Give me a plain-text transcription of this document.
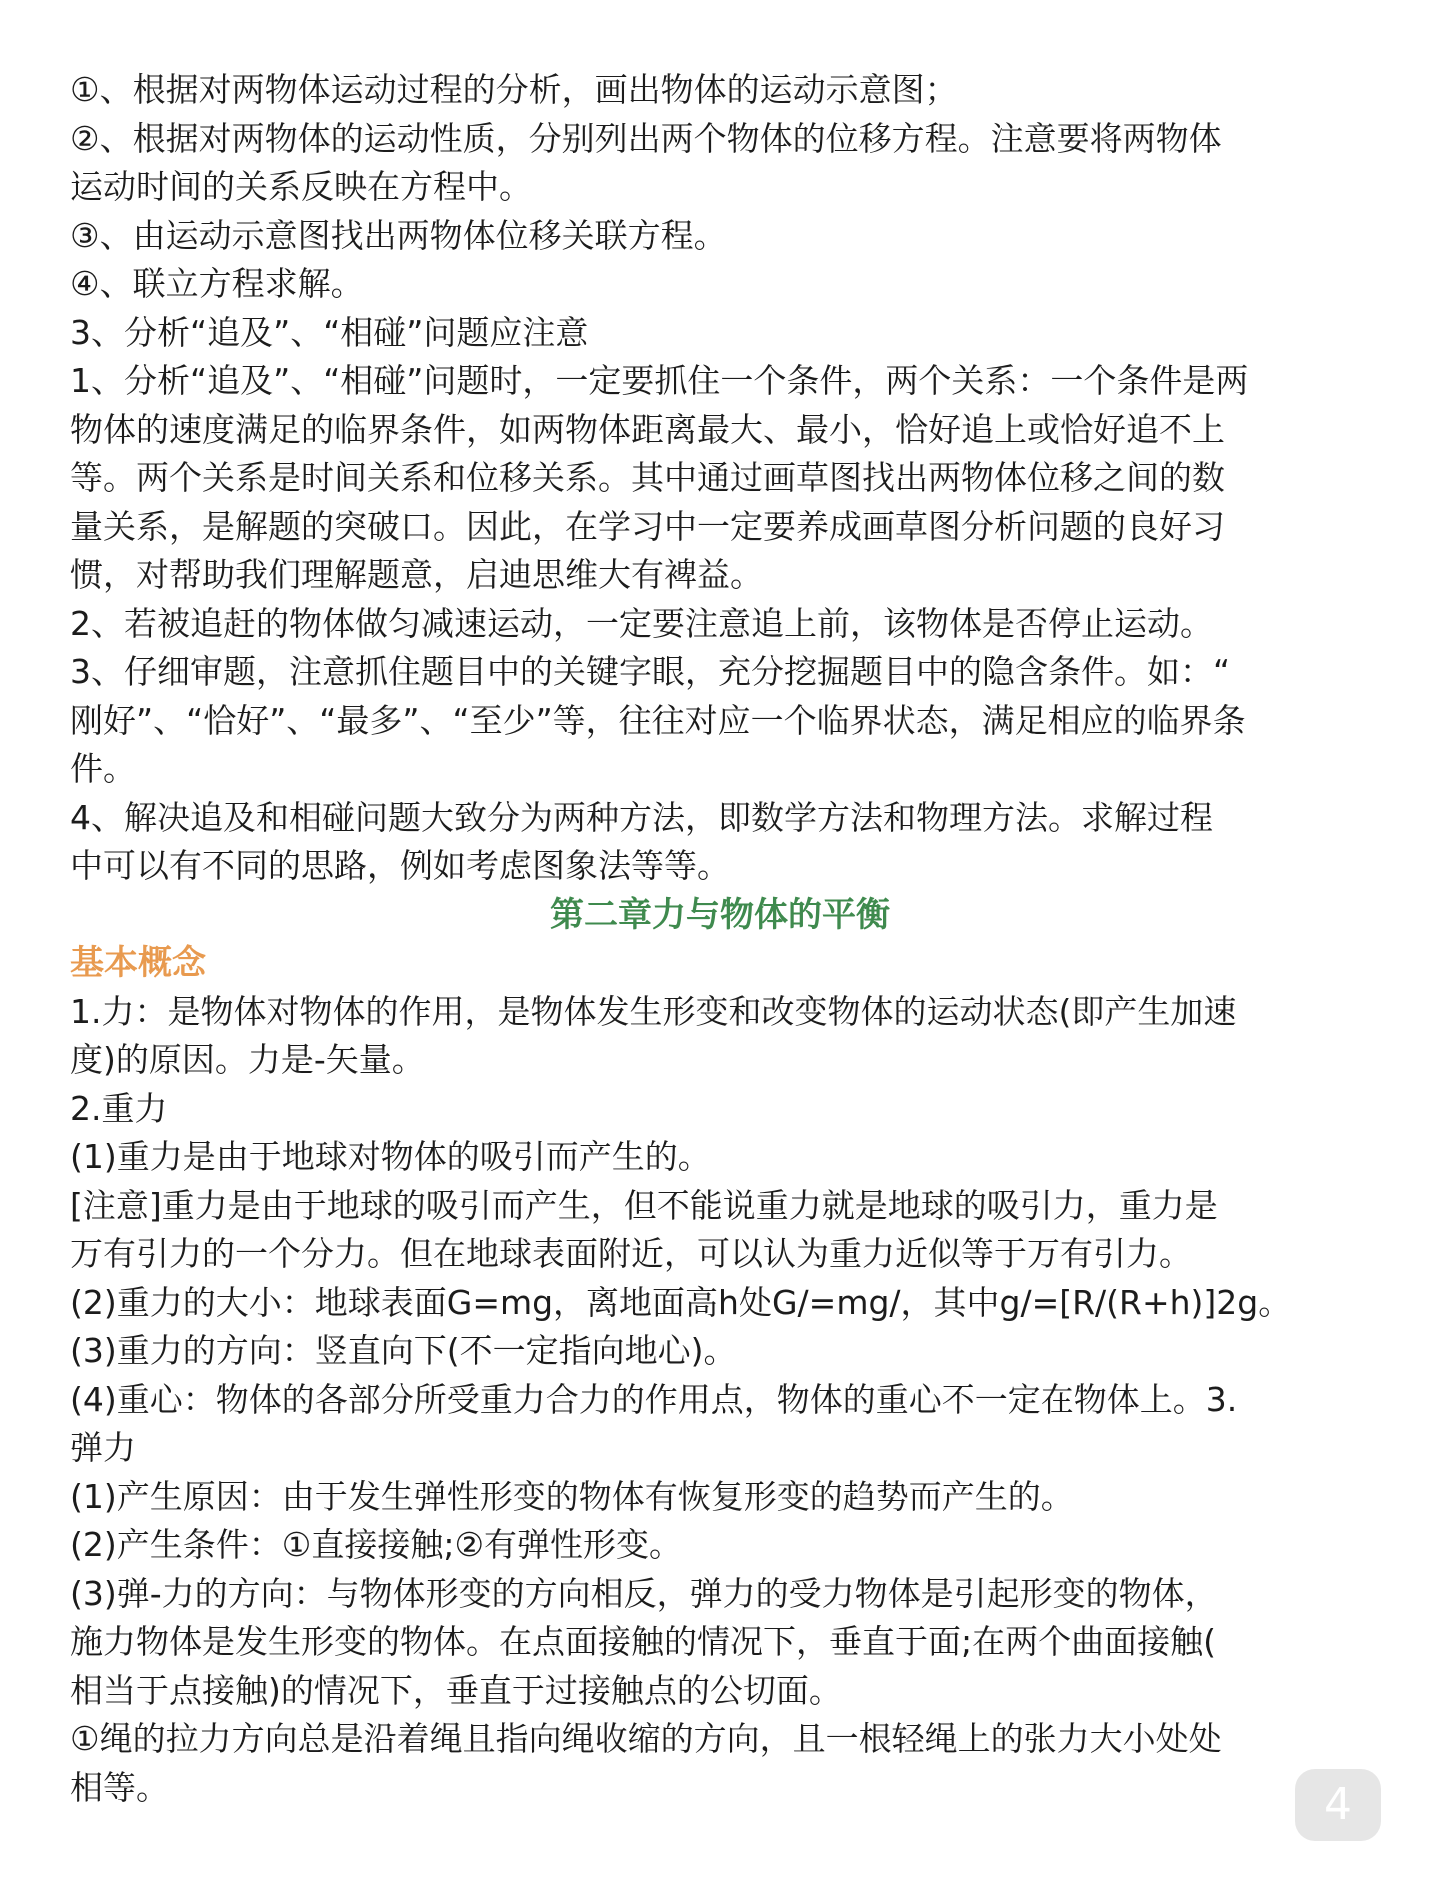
①、根据对两物体运动过程的分析，画出物体的运动示意图；
②、根据对两物体的运动性质，分别列出两个物体的位移方程。注意要将两物体
运动时间的关系反映在方程中。
③、由运动示意图找出两物体位移关联方程。
④、联立方程求解。
3、分析“追及”、“相碰”问题应注意
1、分析“追及”、“相碰”问题时，一定要抓住一个条件，两个关系：一个条件是两
物体的速度满足的临界条件，如两物体距离最大、最小，恰好追上或恰好追不上
等。两个关系是时间关系和位移关系。其中通过画草图找出两物体位移之间的数
量关系，是解题的突破口。因此，在学习中一定要养成画草图分析问题的良好习
惯，对帮助我们理解题意，启迪思维大有裨益。
2、若被追赶的物体做匀减速运动，一定要注意追上前，该物体是否停止运动。
3、仔细审题，注意抓住题目中的关键字眼，充分挖掘题目中的隐含条件。如：“
刚好”、“恰好”、“最多”、“至少”等，往往对应一个临界状态，满足相应的临界条
件。
4、解决追及和相碰问题大致分为两种方法，即数学方法和物理方法。求解过程
中可以有不同的思路，例如考虑图象法等等。
第二章力与物体的平衡
基本概念
1.力：是物体对物体的作用，是物体发生形变和改变物体的运动状态(即产生加速
度)的原因。力是-矢量。
2.重力
(1)重力是由于地球对物体的吸引而产生的。
[注意]重力是由于地球的吸引而产生，但不能说重力就是地球的吸引力，重力是
万有引力的一个分力。但在地球表面附近，可以认为重力近似等于万有引力。
(2)重力的大小：地球表面G=mg，离地面高h处G/=mg/，其中g/=[R/(R+h)]2g。
(3)重力的方向：竖直向下(不一定指向地心)。
(4)重心：物体的各部分所受重力合力的作用点，物体的重心不一定在物体上。3.
弹力
(1)产生原因：由于发生弹性形变的物体有恢复形变的趋势而产生的。
(2)产生条件：①直接接触;②有弹性形变。
(3)弹-力的方向：与物体形变的方向相反，弹力的受力物体是引起形变的物体，
施力物体是发生形变的物体。在点面接触的情况下，垂直于面;在两个曲面接触(
相当于点接触)的情况下，垂直于过接触点的公切面。
①绳的拉力方向总是沿着绳且指向绳收缩的方向，且一根轻绳上的张力大小处处
相等。	4
